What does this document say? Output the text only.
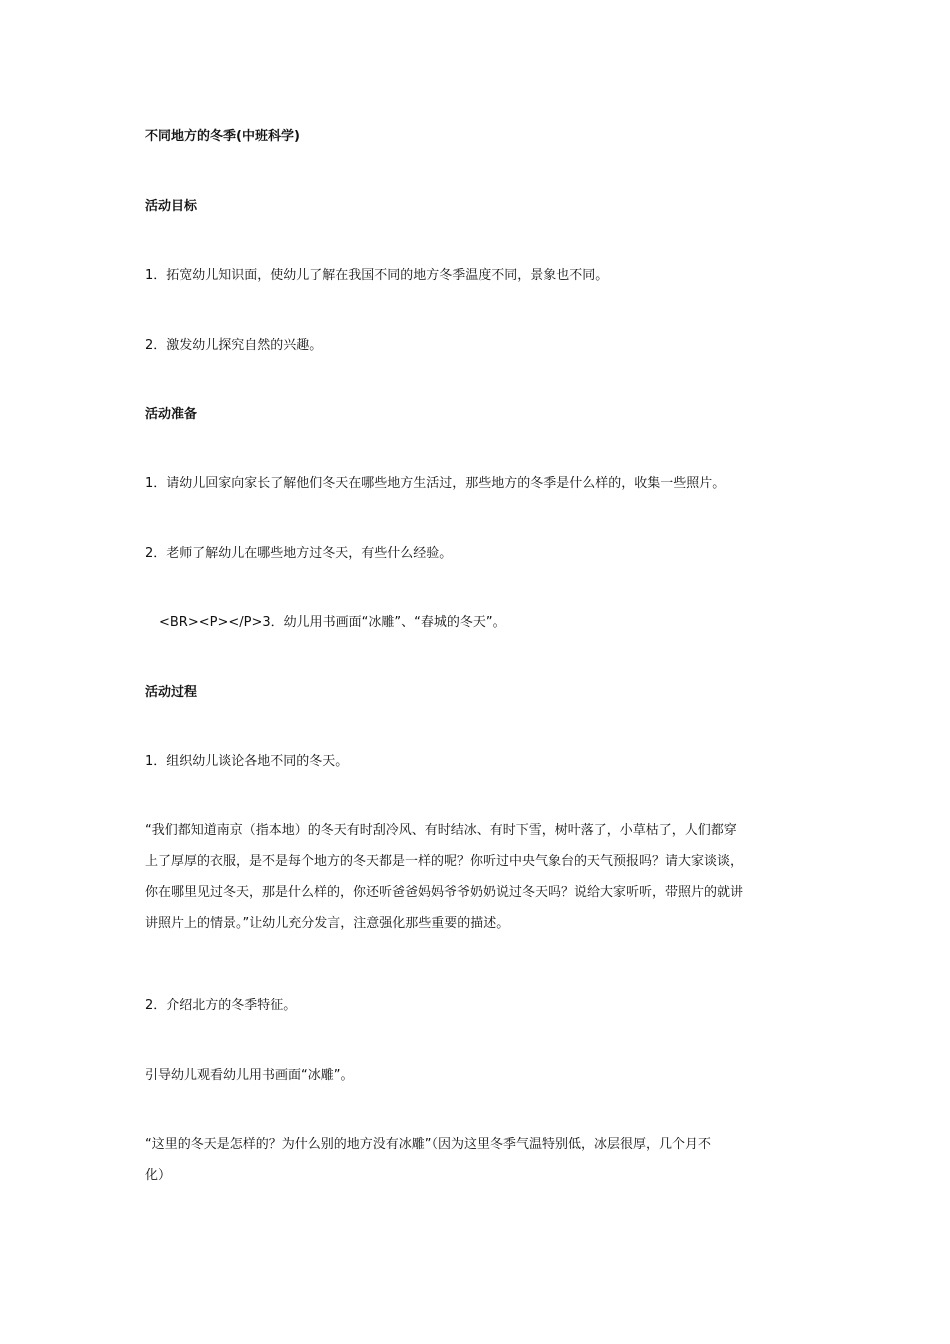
不同地方的冬季(中班科学)
活动目标
1．拓宽幼儿知识面，使幼儿了解在我国不同的地方冬季温度不同，景象也不同。
2．激发幼儿探究自然的兴趣。
活动准备
1．请幼儿回家向家长了解他们冬天在哪些地方生活过，那些地方的冬季是什么样的，收集一些照片。
2．老师了解幼儿在哪些地方过冬天，有些什么经验。
<BR><P></P>3．幼儿用书画面“冰雕”、“春城的冬天”。
活动过程
1．组织幼儿谈论各地不同的冬天。

“我们都知道南京（指本地）的冬天有时刮冷风、有时结冰、有时下雪，树叶落了，小草枯了，人们都穿

上了厚厚的衣服，是不是每个地方的冬天都是一样的呢？你听过中央气象台的天气预报吗？请大家谈谈，

你在哪里见过冬天，那是什么样的，你还听爸爸妈妈爷爷奶奶说过冬天吗？说给大家听听，带照片的就讲

讲照片上的情景。”让幼儿充分发言，注意强化那些重要的描述。

2．介绍北方的冬季特征。
引导幼儿观看幼儿用书画面“冰雕”。

“这里的冬天是怎样的？为什么别的地方没有冰雕”（因为这里冬季气温特别低，冰层很厚，几个月不

化）
